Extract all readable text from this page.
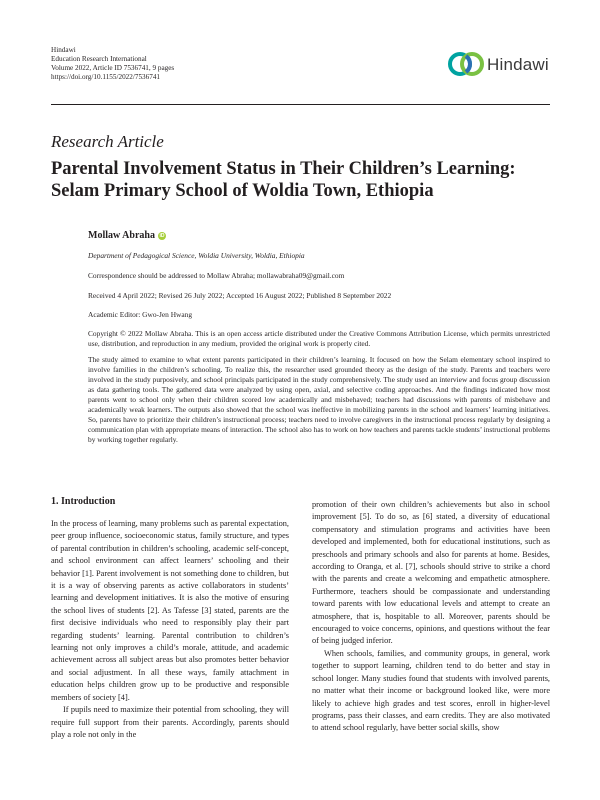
Hindawi
Education Research International
Volume 2022, Article ID 7536741, 9 pages
https://doi.org/10.1155/2022/7536741
Hindawi
Research Article
Parental Involvement Status in Their Children’s Learning: Selam Primary School of Woldia Town, Ethiopia
Mollaw Abraha iD
Department of Pedagogical Science, Woldia University, Woldia, Ethiopia
Correspondence should be addressed to Mollaw Abraha; mollawabraha09@gmail.com
Received 4 April 2022; Revised 26 July 2022; Accepted 16 August 2022; Published 8 September 2022
Academic Editor: Gwo-Jen Hwang
Copyright © 2022 Mollaw Abraha. This is an open access article distributed under the Creative Commons Attribution License, which permits unrestricted use, distribution, and reproduction in any medium, provided the original work is properly cited.
The study aimed to examine to what extent parents participated in their children’s learning. It focused on how the Selam elementary school inspired to involve families in the children’s schooling. To realize this, the researcher used grounded theory as the design of the study. Parents and teachers were involved in the study purposively, and school principals participated in the study comprehensively. The study used an interview and focus group discussion as data gathering tools. The gathered data were analyzed by using open, axial, and selective coding approaches. And the findings indicated how most parents went to school only when their children scored low academically and misbehaved; teachers had discussions with parents of misbehave and academically weak learners. The outputs also showed that the school was ineffective in mobilizing parents in the school and learners’ learning initiatives. So, parents have to prioritize their children’s instructional process; teachers need to involve caregivers in the instructional process regularly by designing a communication plan with appropriate means of interaction. The school also has to work on how teachers and parents tackle students’ instructional problems by working together regularly.
1. Introduction

In the process of learning, many problems such as parental expectation, peer group influence, socioeconomic status, family structure, and types of parental contribution in children’s schooling, academic self-concept, and school environment can affect learners’ schooling and their behavior [1]. Parent involvement is not something done to children, but it is a way of observing parents as active collaborators in students’ learning and development initiatives. It is also the motive of ensuring the school lives of students [2]. As Tafesse [3] stated, parents are the first decisive individuals who need to responsibly play their part regarding students’ learning. Parental contribution to children’s learning not only improves a child’s morale, attitude, and academic achievement across all subject areas but also promotes better behavior and social adjustment. In all these ways, family attachment in education helps children grow up to be productive and responsible members of society [4].

If pupils need to maximize their potential from schooling, they will require full support from their parents. Accordingly, parents should play a role not only in the

promotion of their own children’s achievements but also in school improvement [5]. To do so, as [6] stated, a diversity of educational compensatory and stimulation programs and activities have been developed and implemented, both for educational institutions, such as preschools and primary schools and also for parents at home. Besides, according to Oranga, et al. [7], schools should strive to strike a chord with the parents and create a welcoming and empathetic atmosphere. Furthermore, teachers should be compassionate and understanding toward parents with low educational levels and attempt to create an atmosphere, that is, hospitable to all. Moreover, parents should be encouraged to voice concerns, opinions, and questions without the fear of being judged inferior.

When schools, families, and community groups, in general, work together to support learning, children tend to do better and stay in school longer. Many studies found that students with involved parents, no matter what their income or background looked like, were more likely to achieve high grades and test scores, enroll in higher-level programs, pass their classes, and earn credits. They are also motivated to attend school regularly, have better social skills, show
